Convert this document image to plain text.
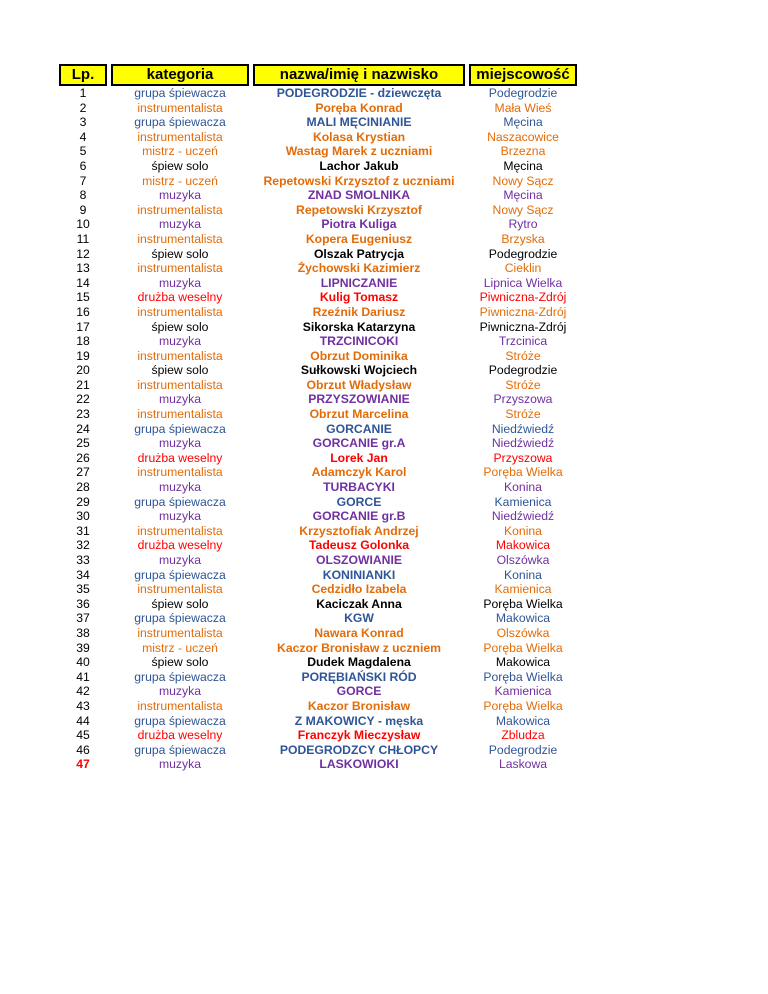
Lp.		kategoria		nazwa/imię i nazwisko		miejscowość
1		grupa śpiewacza		PODEGRODZIE - dziewczęta		Podegrodzie
2		instrumentalista		Poręba Konrad		Mała Wieś
3		grupa śpiewacza		MALI MĘCINIANIE		Męcina
4		instrumentalista		Kolasa Krystian		Naszacowice
5		mistrz - uczeń		Wastag Marek z uczniami		Brzezna
6		śpiew solo		Lachor Jakub		Męcina
7		mistrz - uczeń		Repetowski Krzysztof z uczniami		Nowy Sącz
8		muzyka		ZNAD SMOLNIKA		Męcina
9		instrumentalista		Repetowski Krzysztof		Nowy Sącz
10		muzyka		Piotra Kuliga		Rytro
11		instrumentalista		Kopera Eugeniusz		Brzyska
12		śpiew solo		Olszak Patrycja		Podegrodzie
13		instrumentalista		Żychowski Kazimierz		Cieklin
14		muzyka		LIPNICZANIE		Lipnica Wielka
15		drużba weselny		Kulig Tomasz		Piwniczna-Zdrój
16		instrumentalista		Rzeźnik Dariusz		Piwniczna-Zdrój
17		śpiew solo		Sikorska Katarzyna		Piwniczna-Zdrój
18		muzyka		TRZCINICOKI		Trzcinica
19		instrumentalista		Obrzut Dominika		Stróże
20		śpiew solo		Sułkowski Wojciech		Podegrodzie
21		instrumentalista		Obrzut Władysław		Stróże
22		muzyka		PRZYSZOWIANIE		Przyszowa
23		instrumentalista		Obrzut Marcelina		Stróże
24		grupa śpiewacza		GORCANIE		Niedźwiedź
25		muzyka		GORCANIE gr.A		Niedźwiedź
26		drużba weselny		Lorek Jan		Przyszowa
27		instrumentalista		Adamczyk Karol		Poręba Wielka
28		muzyka		TURBACYKI		Konina
29		grupa śpiewacza		GORCE		Kamienica
30		muzyka		GORCANIE gr.B		Niedźwiedź
31		instrumentalista		Krzysztofiak Andrzej		Konina
32		drużba weselny		Tadeusz Golonka		Makowica
33		muzyka		OLSZOWIANIE		Olszówka
34		grupa śpiewacza		KONINIANKI		Konina
35		instrumentalista		Cedzidło Izabela		Kamienica
36		śpiew solo		Kaciczak Anna		Poręba Wielka
37		grupa śpiewacza		KGW		Makowica
38		instrumentalista		Nawara Konrad		Olszówka
39		mistrz - uczeń		Kaczor Bronisław z uczniem		Poręba Wielka
40		śpiew solo		Dudek Magdalena		Makowica
41		grupa śpiewacza		PORĘBIAŃSKI RÓD		Poręba Wielka
42		muzyka		GORCE		Kamienica
43		instrumentalista		Kaczor Bronisław		Poręba Wielka
44		grupa śpiewacza		Z MAKOWICY - męska		Makowica
45		drużba weselny		Franczyk Mieczysław		Zbludza
46		grupa śpiewacza		PODEGRODZCY CHŁOPCY		Podegrodzie
47		muzyka		LASKOWIOKI		Laskowa
